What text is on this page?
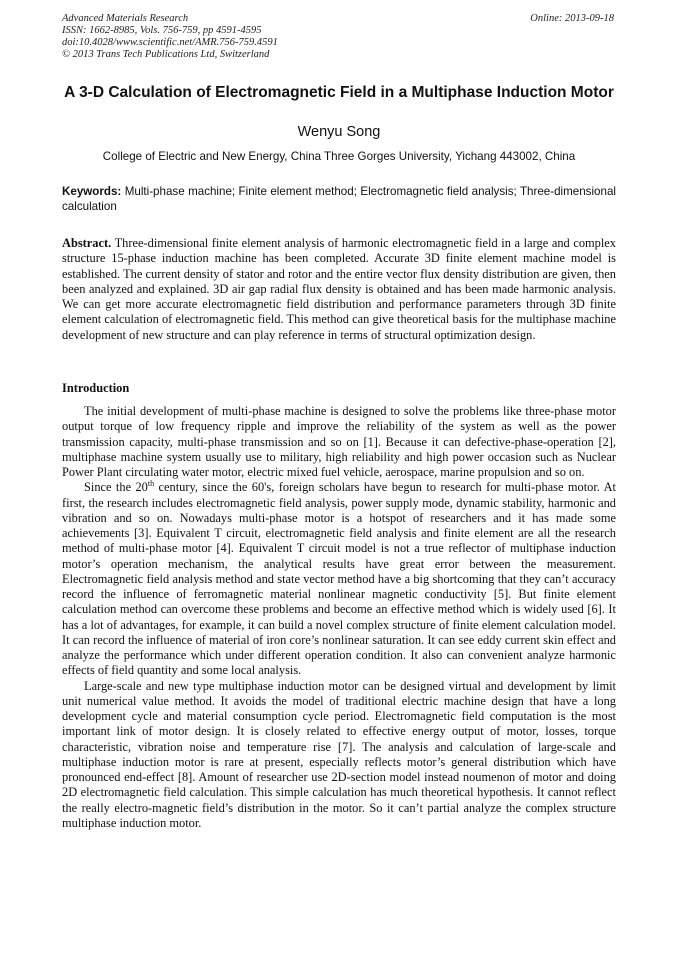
Advanced Materials Research
ISSN: 1662-8985, Vols. 756-759, pp 4591-4595
doi:10.4028/www.scientific.net/AMR.756-759.4591
© 2013 Trans Tech Publications Ltd, Switzerland
Online: 2013-09-18
A 3-D Calculation of Electromagnetic Field in a Multiphase Induction Motor
Wenyu Song
College of Electric and New Energy, China Three Gorges University, Yichang 443002, China
Keywords: Multi-phase machine; Finite element method; Electromagnetic field analysis; Three-dimensional calculation
Abstract. Three-dimensional finite element analysis of harmonic electromagnetic field in a large and complex structure 15-phase induction machine has been completed. Accurate 3D finite element machine model is established. The current density of stator and rotor and the entire vector flux density distribution are given, then been analyzed and explained. 3D air gap radial flux density is obtained and has been made harmonic analysis. We can get more accurate electromagnetic field distribution and performance parameters through 3D finite element calculation of electromagnetic field. This method can give theoretical basis for the multiphase machine development of new structure and can play reference in terms of structural optimization design.
Introduction

The initial development of multi-phase machine is designed to solve the problems like three-phase motor output torque of low frequency ripple and improve the reliability of the system as well as the power transmission capacity, multi-phase transmission and so on [1]. Because it can defective-phase-operation [2], multiphase machine system usually use to military, high reliability and high power occasion such as Nuclear Power Plant circulating water motor, electric mixed fuel vehicle, aerospace, marine propulsion and so on.

Since the 20th century, since the 60's, foreign scholars have begun to research for multi-phase motor. At first, the research includes electromagnetic field analysis, power supply mode, dynamic stability, harmonic and vibration and so on. Nowadays multi-phase motor is a hotspot of researchers and it has made some achievements [3]. Equivalent T circuit, electromagnetic field analysis and finite element are all the research method of multi-phase motor [4]. Equivalent T circuit model is not a true reflector of multiphase induction motor’s operation mechanism, the analytical results have great error between the measurement. Electromagnetic field analysis method and state vector method have a big shortcoming that they can’t accuracy record the influence of ferromagnetic material nonlinear magnetic conductivity [5]. But finite element calculation method can overcome these problems and become an effective method which is widely used [6]. It has a lot of advantages, for example, it can build a novel complex structure of finite element calculation model. It can record the influence of material of iron core’s nonlinear saturation. It can see eddy current skin effect and analyze the performance which under different operation condition. It also can convenient analyze harmonic effects of field quantity and some local analysis.

Large-scale and new type multiphase induction motor can be designed virtual and development by limit unit numerical value method. It avoids the model of traditional electric machine design that have a long development cycle and material consumption cycle period. Electromagnetic field computation is the most important link of motor design. It is closely related to effective energy output of motor, losses, torque characteristic, vibration noise and temperature rise [7]. The analysis and calculation of large-scale and multiphase induction motor is rare at present, especially reflects motor’s general distribution which have pronounced end-effect [8]. Amount of researcher use 2D-section model instead noumenon of motor and doing 2D electromagnetic field calculation. This simple calculation has much theoretical hypothesis. It cannot reflect the really electro-magnetic field’s distribution in the motor. So it can’t partial analyze the complex structure multiphase induction motor.
